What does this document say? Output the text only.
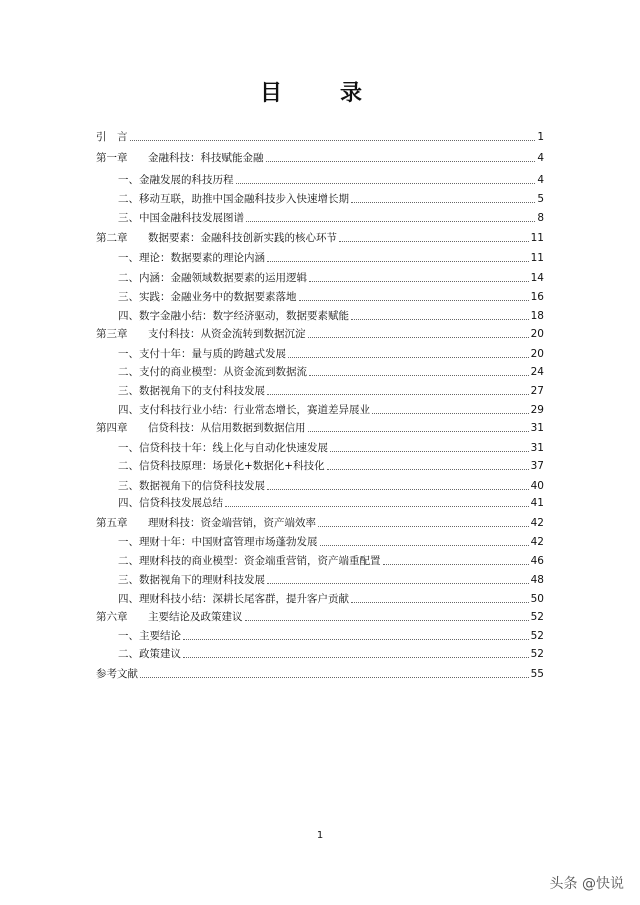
目　录
引　言	1
第一章 金融科技：科技赋能金融	4
一、金融发展的科技历程	4
二、移动互联，助推中国金融科技步入快速增长期	5
三、中国金融科技发展图谱	8
第二章 数据要素：金融科技创新实践的核心环节	11
一、理论：数据要素的理论内涵	11
二、内涵：金融领域数据要素的运用逻辑	14
三、实践：金融业务中的数据要素落地	16
四、数字金融小结：数字经济驱动，数据要素赋能	18
第三章 支付科技：从资金流转到数据沉淀	20
一、支付十年：量与质的跨越式发展	20
二、支付的商业模型：从资金流到数据流	24
三、数据视角下的支付科技发展	27
四、支付科技行业小结：行业常态增长，赛道差异展业	29
第四章 信贷科技：从信用数据到数据信用	31
一、信贷科技十年：线上化与自动化快速发展	31
二、信贷科技原理：场景化+数据化+科技化	37
三、数据视角下的信贷科技发展	40
四、信贷科技发展总结	41
第五章 理财科技：资金端营销，资产端效率	42
一、理财十年：中国财富管理市场蓬勃发展	42
二、理财科技的商业模型：资金端重营销，资产端重配置	46
三、数据视角下的理财科技发展	48
四、理财科技小结：深耕长尾客群，提升客户贡献	50
第六章 主要结论及政策建议	52
一、主要结论	52
二、政策建议	52
参考文献	55
1
头条 @快说
